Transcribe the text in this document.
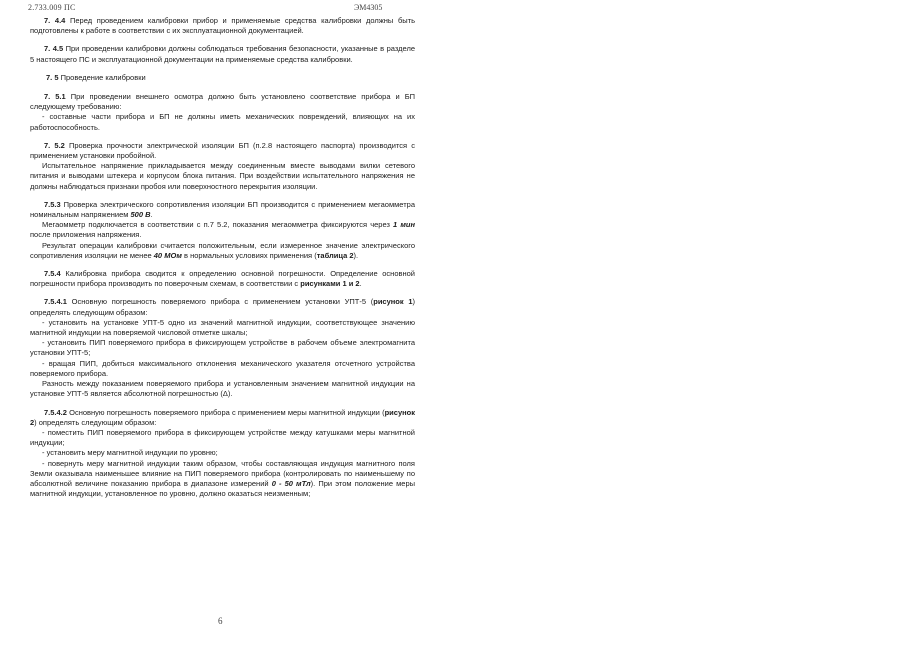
2.733.009 ПС	ЭМ4305

7. 4.4 Перед проведением калибровки прибор и применяемые средства калибровки должны быть подготовлены к работе в соответствии с их эксплуатационной документацией.

7. 4.5 При проведении калибровки должны соблюдаться требования безопасности, указанные в разделе 5 настоящего ПС и эксплуатационной документации на применяемые средства калибровки.

7. 5 Проведение калибровки

7. 5.1 При проведении внешнего осмотра должно быть установлено соответствие прибора и БП следующему требованию:
- составные части прибора и БП не должны иметь механических повреждений, влияющих на их работоспособность.

7. 5.2 Проверка прочности электрической изоляции БП (п.2.8 настоящего паспорта) производится с применением установки пробойной.
Испытательное напряжение прикладывается между соединенным вместе выводами вилки сетевого питания и выводами штекера и корпусом блока питания. При воздействии испытательного напряжения не должны наблюдаться признаки пробоя или поверхностного перекрытия изоляции.

7.5.3 Проверка электрического сопротивления изоляции БП производится с применением мегаомметра номинальным напряжением 500 В.
Мегаомметр подключается в соответствии с п.7 5.2, показания мегаомметра фиксируются через 1 мин после приложения напряжения.
Результат операции калибровки считается положительным, если измеренное значение электрического сопротивления изоляции не менее 40 МОм в нормальных условиях применения (таблица 2).

7.5.4 Калибровка прибора сводится к определению основной погрешности. Определение основной погрешности прибора производить по поверочным схемам, в соответствии с рисунками 1 и 2.

7.5.4.1 Основную погрешность поверяемого прибора с применением установки УПТ-5 (рисунок 1) определять следующим образом:
- установить на установке УПТ-5 одно из значений магнитной индукции, соответствующее значению магнитной индукции на поверяемой числовой отметке шкалы;
- установить ПИП поверяемого прибора в фиксирующем устройстве в рабочем объеме электромагнита установки УПТ-5;
- вращая ПИП, добиться максимального отклонения механического указателя отсчетного устройства поверяемого прибора.
Разность между показанием поверяемого прибора и установленным значением магнитной индукции на установке УПТ-5 является абсолютной погрешностью (Δ).

7.5.4.2 Основную погрешность поверяемого прибора с применением меры магнитной индукции (рисунок 2) определять следующим образом:
- поместить ПИП поверяемого прибора в фиксирующем устройстве между катушками меры магнитной индукции;
- установить меру магнитной индукции по уровню;
- повернуть меру магнитной индукции таким образом, чтобы составляющая индукция магнитного поля Земли оказывала наименьшее влияние на ПИП поверяемого прибора (контролировать по наименьшему по абсолютной величине показанию прибора в диапазоне измерений 0 - 50 мТл). При этом положение меры магнитной индукции, установленное по уровню, должно оказаться неизменным;

6
